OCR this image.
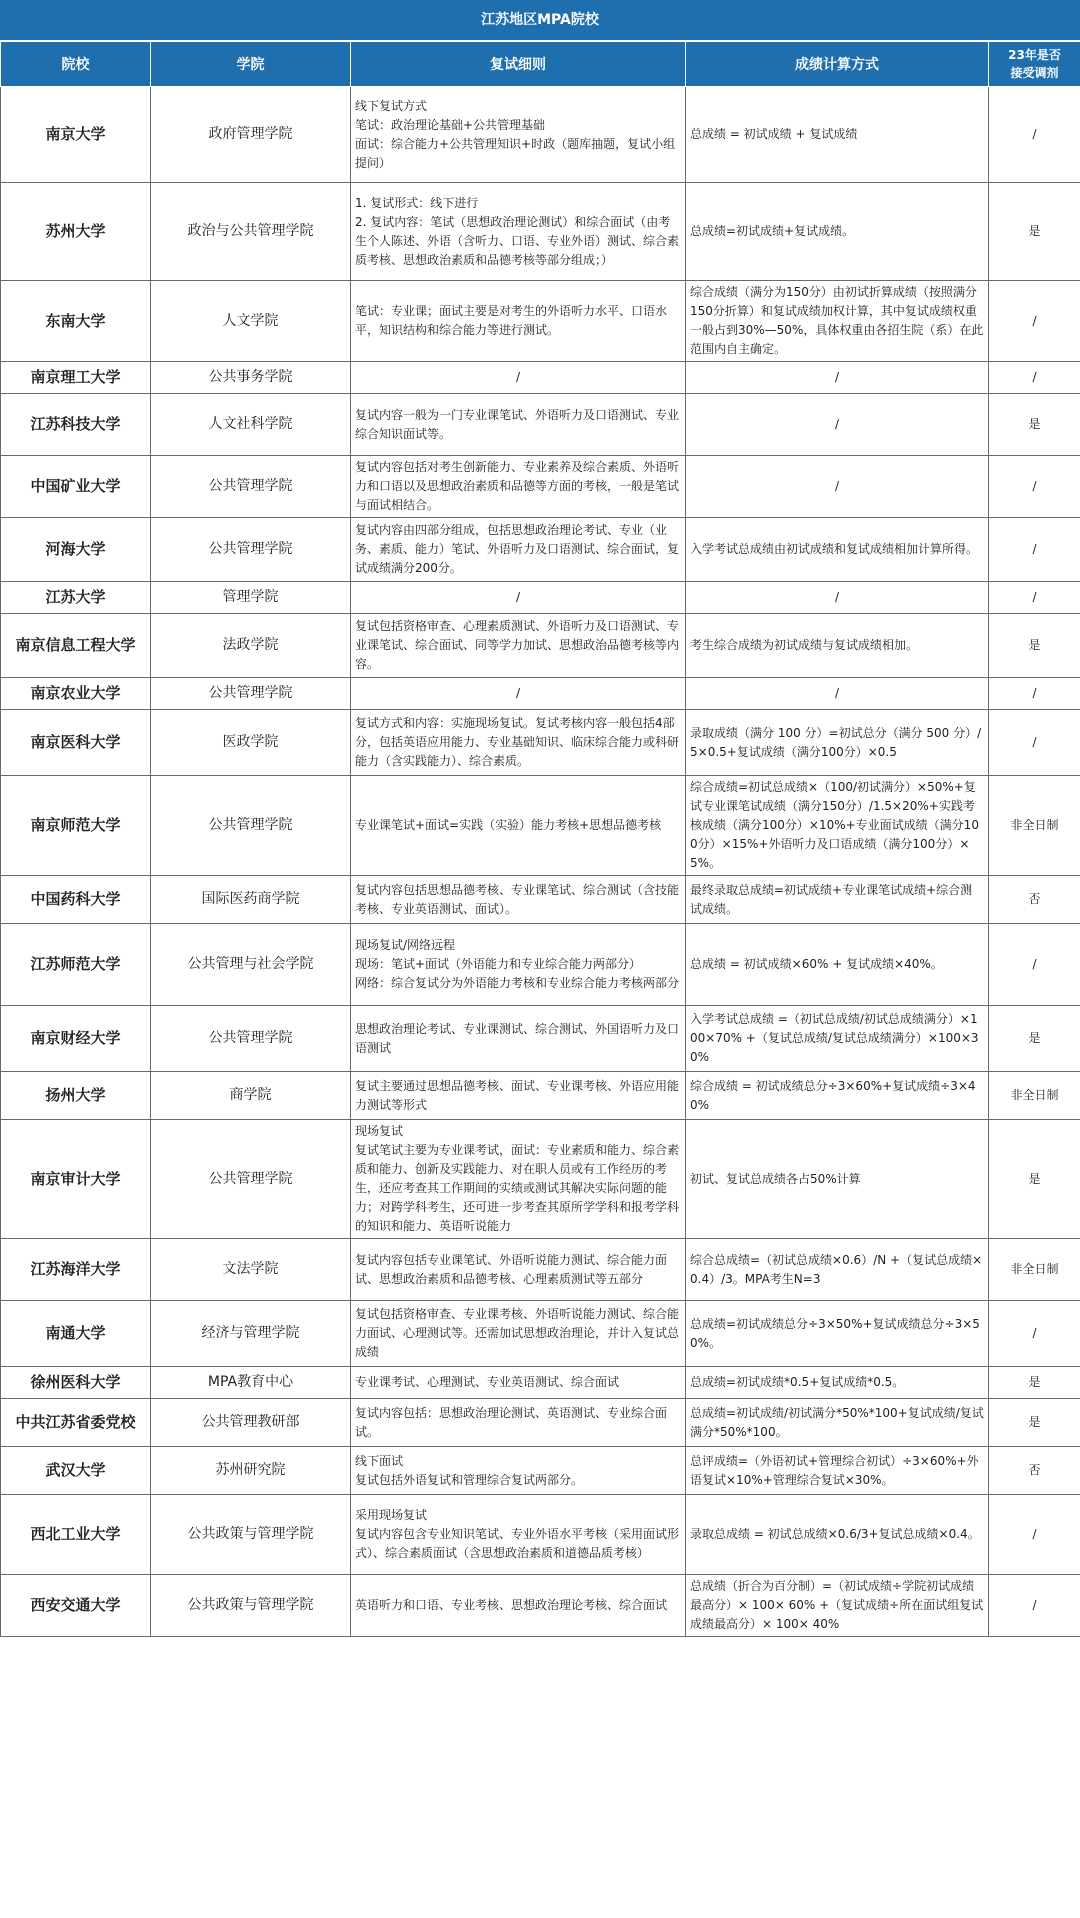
江苏地区MPA院校
院校	学院	复试细则	成绩计算方式	23年是否
接受调剂
南京大学	政府管理学院	线下复试方式
笔试：政治理论基础+公共管理基础
面试：综合能力+公共管理知识+时政（题库抽题，复试小组提问）	总成绩 = 初试成绩 + 复试成绩	/
苏州大学	政治与公共管理学院	1. 复试形式：线下进行
2. 复试内容：笔试（思想政治理论测试）和综合面试（由考生个人陈述、外语（含听力、口语、专业外语）测试、综合素质考核、思想政治素质和品德考核等部分组成；）	总成绩=初试成绩+复试成绩。	是
东南大学	人文学院	笔试：专业课；面试主要是对考生的外语听力水平、口语水平，知识结构和综合能力等进行测试。	综合成绩（满分为150分）由初试折算成绩（按照满分150分折算）和复试成绩加权计算，其中复试成绩权重一般占到30%—50%，具体权重由各招生院（系）在此范围内自主确定。	/
南京理工大学	公共事务学院	/	/	/
江苏科技大学	人文社科学院	复试内容一般为一门专业课笔试、外语听力及口语测试、专业综合知识面试等。	/	是
中国矿业大学	公共管理学院	复试内容包括对考生创新能力、专业素养及综合素质、外语听力和口语以及思想政治素质和品德等方面的考核，一般是笔试与面试相结合。	/	/
河海大学	公共管理学院	复试内容由四部分组成，包括思想政治理论考试、专业（业务、素质、能力）笔试、外语听力及口语测试、综合面试，复试成绩满分200分。	入学考试总成绩由初试成绩和复试成绩相加计算所得。	/
江苏大学	管理学院	/	/	/
南京信息工程大学	法政学院	复试包括资格审查、心理素质测试、外语听力及口语测试、专业课笔试、综合面试、同等学力加试、思想政治品德考核等内容。	考生综合成绩为初试成绩与复试成绩相加。	是
南京农业大学	公共管理学院	/	/	/
南京医科大学	医政学院	复试方式和内容：实施现场复试。复试考核内容一般包括4部分，包括英语应用能力、专业基础知识、临床综合能力或科研能力（含实践能力）、综合素质。	录取成绩（满分 100 分）=初试总分（满分 500 分）/5×0.5+复试成绩（满分100分）×0.5	/
南京师范大学	公共管理学院	专业课笔试+面试=实践（实验）能力考核+思想品德考核	综合成绩=初试总成绩×（100/初试满分）×50%+复试专业课笔试成绩（满分150分）/1.5×20%+实践考核成绩（满分100分）×10%+专业面试成绩（满分100分）×15%+外语听力及口语成绩（满分100分）×5%。	非全日制
中国药科大学	国际医药商学院	复试内容包括思想品德考核、专业课笔试、综合测试（含技能考核、专业英语测试、面试）。	最终录取总成绩=初试成绩+专业课笔试成绩+综合测试成绩。	否
江苏师范大学	公共管理与社会学院	现场复试/网络远程
现场：笔试+面试（外语能力和专业综合能力两部分）
网络：综合复试分为外语能力考核和专业综合能力考核两部分	总成绩 = 初试成绩×60% + 复试成绩×40%。	/
南京财经大学	公共管理学院	思想政治理论考试、专业课测试、综合测试、外国语听力及口语测试	入学考试总成绩 =（初试总成绩/初试总成绩满分）×100×70% +（复试总成绩/复试总成绩满分）×100×30%	是
扬州大学	商学院	复试主要通过思想品德考核、面试、专业课考核、外语应用能力测试等形式	综合成绩 = 初试成绩总分÷3×60%+复试成绩÷3×40%	非全日制
南京审计大学	公共管理学院	现场复试
复试笔试主要为专业课考试，面试：专业素质和能力、综合素质和能力、创新及实践能力、对在职人员或有工作经历的考生，还应考查其工作期间的实绩或测试其解决实际问题的能力；对跨学科考生，还可进一步考查其原所学学科和报考学科的知识和能力、英语听说能力	初试、复试总成绩各占50%计算	是
江苏海洋大学	文法学院	复试内容包括专业课笔试、外语听说能力测试、综合能力面试、思想政治素质和品德考核、心理素质测试等五部分	综合总成绩=（初试总成绩×0.6）/N +（复试总成绩×0.4）/3。MPA考生N=3	非全日制
南通大学	经济与管理学院	复试包括资格审查、专业课考核、外语听说能力测试、综合能力面试、心理测试等。还需加试思想政治理论，并计入复试总成绩	总成绩=初试成绩总分÷3×50%+复试成绩总分÷3×50%。	/
徐州医科大学	MPA教育中心	专业课考试、心理测试、专业英语测试、综合面试	总成绩=初试成绩*0.5+复试成绩*0.5。	是
中共江苏省委党校	公共管理教研部	复试内容包括：思想政治理论测试、英语测试、专业综合面试。	总成绩=初试成绩/初试满分*50%*100+复试成绩/复试满分*50%*100。	是
武汉大学	苏州研究院	线下面试
复试包括外语复试和管理综合复试两部分。	总评成绩=（外语初试+管理综合初试）÷3×60%+外语复试×10%+管理综合复试×30%。	否
西北工业大学	公共政策与管理学院	采用现场复试
复试内容包含专业知识笔试、专业外语水平考核（采用面试形式）、综合素质面试（含思想政治素质和道德品质考核）	录取总成绩 = 初试总成绩×0.6/3+复试总成绩×0.4。	/
西安交通大学	公共政策与管理学院	英语听力和口语、专业考核、思想政治理论考核、综合面试	总成绩（折合为百分制）=（初试成绩÷学院初试成绩最高分）× 100× 60% +（复试成绩÷所在面试组复试成绩最高分）× 100× 40%	/
